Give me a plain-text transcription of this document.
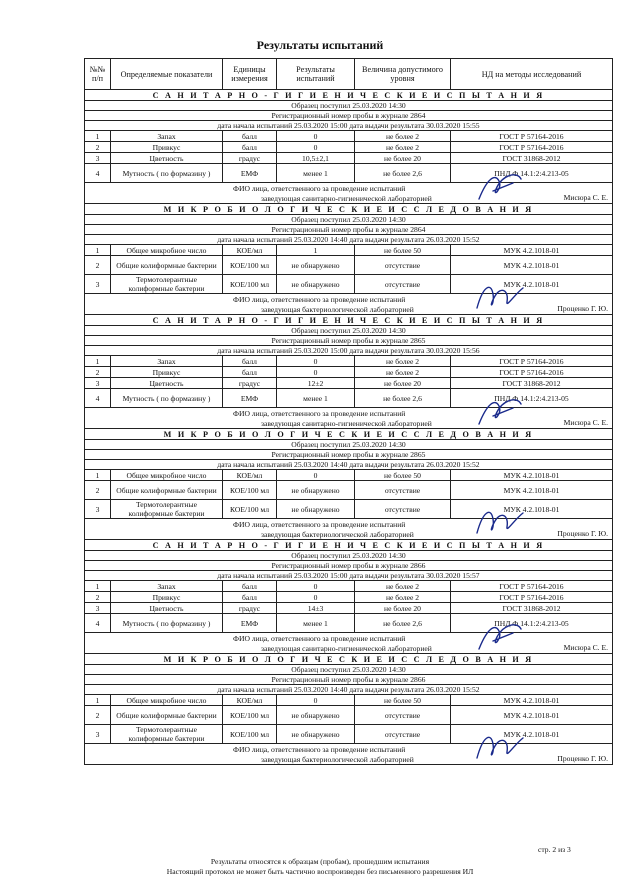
Результаты испытаний
№№ п/п	Определяемые показатели	Единицы измерения	Результаты испытаний	Величина допустимого уровня	НД на методы исследований
С А Н И Т А Р Н О - Г И Г И Е Н И Ч Е С К И Е И С П Ы Т А Н И Я					
Образец поступил 25.03.2020 14:30					
Регистрационный номер пробы в журнале 2864					
дата начала испытаний 25.03.2020 15:00 дата выдачи результата 30.03.2020 15:55					
1	Запах	балл	0	не более 2	ГОСТ Р 57164-2016
2	Привкус	балл	0	не более 2	ГОСТ Р 57164-2016
3	Цветность	градус	10,5±2,1	не более 20	ГОСТ 31868-2012
4	Мутность ( по формазину )	ЕМФ	менее 1	не более 2,6	ПНД Ф 14.1:2:4.213-05

ФИО лица, ответственного за проведение испытаний
заведующая санитарно-гигиенической лабораторией Мисюра С. Е.					

М И К Р О Б И О Л О Г И Ч Е С К И Е И С С Л Е Д О В А Н И Я					
Образец поступил 25.03.2020 14:30					
Регистрационный номер пробы в журнале 2864					
дата начала испытаний 25.03.2020 14:40 дата выдачи результата 26.03.2020 15:52					
1	Общее микробное число	КОЕ/мл	1	не более 50	МУК 4.2.1018-01
2	Общие колиформные бактерии	КОЕ/100 мл	не обнаружено	отсутствие	МУК 4.2.1018-01
3	Термотолерантные колиформные бактерии	КОЕ/100 мл	не обнаружено	отсутствие	МУК 4.2.1018-01

ФИО лица, ответственного за проведение испытаний
заведующая бактериологической лабораторией Проценко Г. Ю.					

С А Н И Т А Р Н О - Г И Г И Е Н И Ч Е С К И Е И С П Ы Т А Н И Я					
Образец поступил 25.03.2020 14:30					
Регистрационный номер пробы в журнале 2865					
дата начала испытаний 25.03.2020 15:00 дата выдачи результата 30.03.2020 15:56					
1	Запах	балл	0	не более 2	ГОСТ Р 57164-2016
2	Привкус	балл	0	не более 2	ГОСТ Р 57164-2016
3	Цветность	градус	12±2	не более 20	ГОСТ 31868-2012
4	Мутность ( по формазину )	ЕМФ	менее 1	не более 2,6	ПНД Ф 14.1:2:4.213-05

ФИО лица, ответственного за проведение испытаний
заведующая санитарно-гигиенической лабораторией Мисюра С. Е.					

М И К Р О Б И О Л О Г И Ч Е С К И Е И С С Л Е Д О В А Н И Я					
Образец поступил 25.03.2020 14:30					
Регистрационный номер пробы в журнале 2865					
дата начала испытаний 25.03.2020 14:40 дата выдачи результата 26.03.2020 15:52					
1	Общее микробное число	КОЕ/мл	0	не более 50	МУК 4.2.1018-01
2	Общие колиформные бактерии	КОЕ/100 мл	не обнаружено	отсутствие	МУК 4.2.1018-01
3	Термотолерантные колиформные бактерии	КОЕ/100 мл	не обнаружено	отсутствие	МУК 4.2.1018-01

ФИО лица, ответственного за проведение испытаний
заведующая бактериологической лабораторией Проценко Г. Ю.					

С А Н И Т А Р Н О - Г И Г И Е Н И Ч Е С К И Е И С П Ы Т А Н И Я					
Образец поступил 25.03.2020 14:30					
Регистрационный номер пробы в журнале 2866					
дата начала испытаний 25.03.2020 15:00 дата выдачи результата 30.03.2020 15:57					
1	Запах	балл	0	не более 2	ГОСТ Р 57164-2016
2	Привкус	балл	0	не более 2	ГОСТ Р 57164-2016
3	Цветность	градус	14±3	не более 20	ГОСТ 31868-2012
4	Мутность ( по формазину )	ЕМФ	менее 1	не более 2,6	ПНД Ф 14.1:2:4.213-05

ФИО лица, ответственного за проведение испытаний
заведующая санитарно-гигиенической лабораторией Мисюра С. Е.					

М И К Р О Б И О Л О Г И Ч Е С К И Е И С С Л Е Д О В А Н И Я					
Образец поступил 25.03.2020 14:30					
Регистрационный номер пробы в журнале 2866					
дата начала испытаний 25.03.2020 14:40 дата выдачи результата 26.03.2020 15:52					
1	Общее микробное число	КОЕ/мл	0	не более 50	МУК 4.2.1018-01
2	Общие колиформные бактерии	КОЕ/100 мл	не обнаружено	отсутствие	МУК 4.2.1018-01
3	Термотолерантные колиформные бактерии	КОЕ/100 мл	не обнаружено	отсутствие	МУК 4.2.1018-01

ФИО лица, ответственного за проведение испытаний
заведующая бактериологической лабораторией Проценко Г. Ю.					
стр. 2 из 3
Результаты относятся к образцам (пробам), прошедшим испытания
Настоящий протокол не может быть частично воспроизведен без письменного разрешения ИЛ
